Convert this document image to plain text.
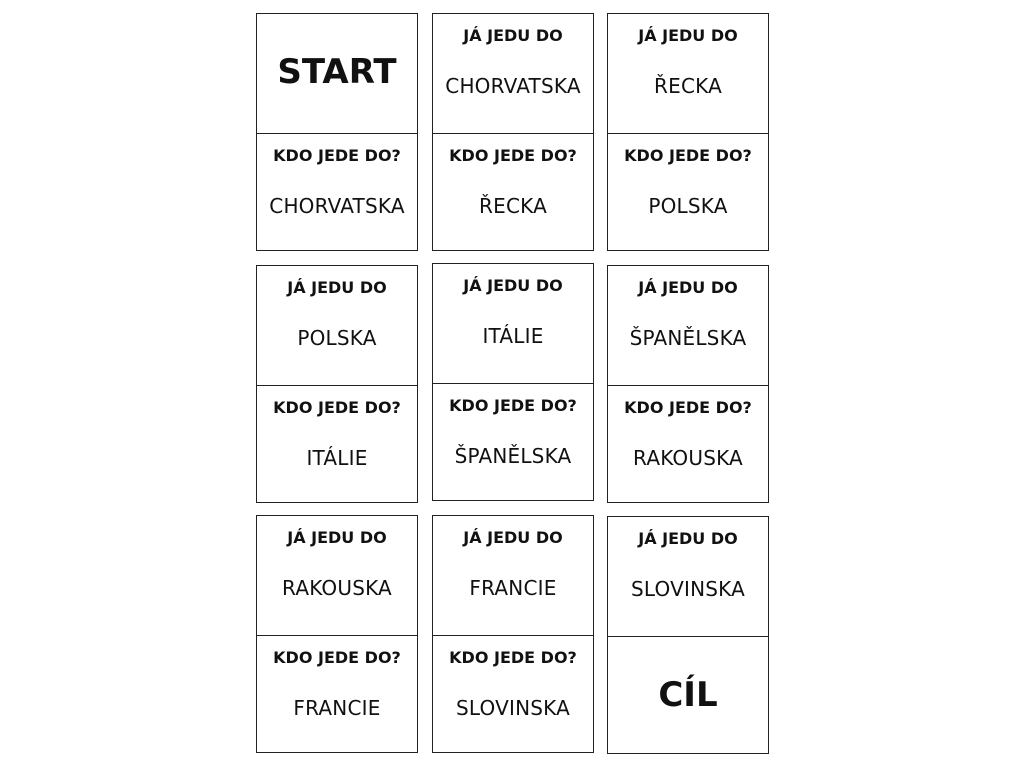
START
KDO JEDE DO?
CHORVATSKA
JÁ JEDU DO
CHORVATSKA
KDO JEDE DO?
ŘECKA
JÁ JEDU DO
ŘECKA
KDO JEDE DO?
POLSKA
JÁ JEDU DO
POLSKA
KDO JEDE DO?
ITÁLIE
JÁ JEDU DO
ITÁLIE
KDO JEDE DO?
ŠPANĚLSKA
JÁ JEDU DO
ŠPANĚLSKA
KDO JEDE DO?
RAKOUSKA
JÁ JEDU DO
RAKOUSKA
KDO JEDE DO?
FRANCIE
JÁ JEDU DO
FRANCIE
KDO JEDE DO?
SLOVINSKA
JÁ JEDU DO
SLOVINSKA
CÍL
